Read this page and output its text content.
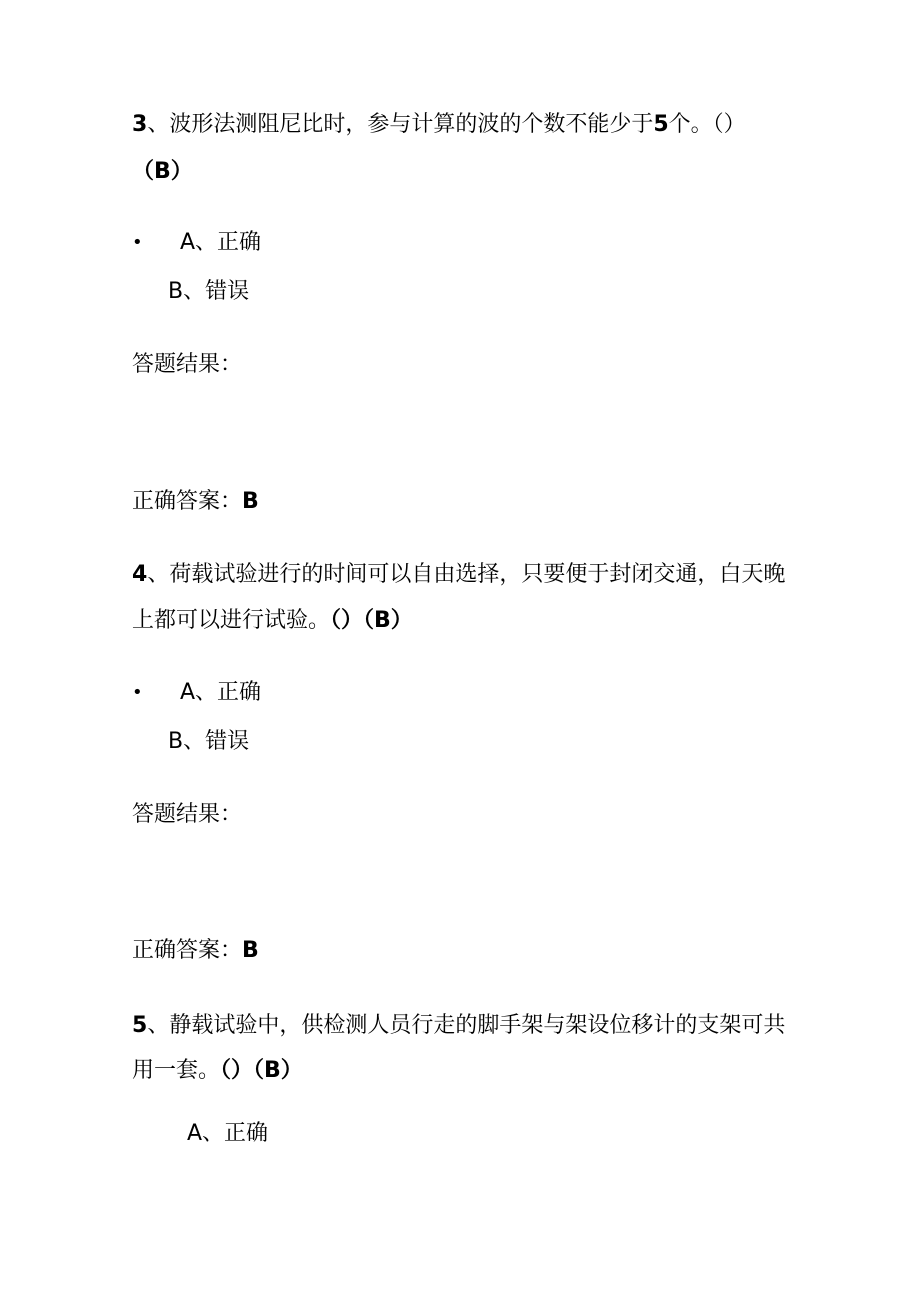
3、波形法测阻尼比时，参与计算的波的个数不能少于5个。（）
（B）
• A、正确
B、错误
答题结果：
正确答案：B
4、荷载试验进行的时间可以自由选择，只要便于封闭交通，白天晚
上都可以进行试验。（）（B）
• A、正确
B、错误
答题结果：
正确答案：B
5、静载试验中，供检测人员行走的脚手架与架设位移计的支架可共
用一套。（）（B）
A、正确
